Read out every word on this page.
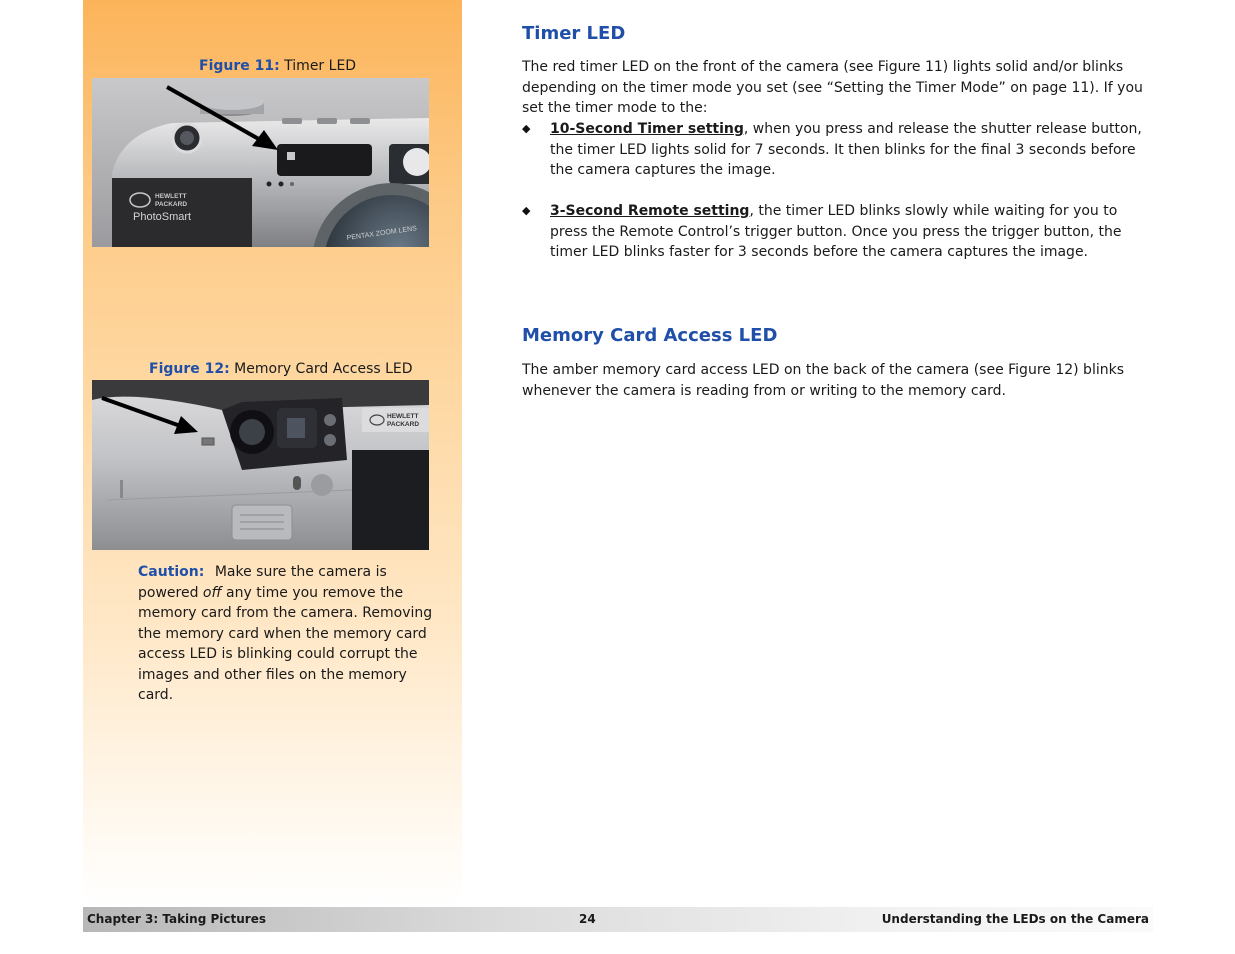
Figure 11: Timer LED
HEWLETT
PACKARD
PhotoSmart
PENTAX ZOOM LENS
Figure 12: Memory Card Access LED
HEWLETT
PACKARD
Caution: Make sure the camera is powered off any time you remove the memory card from the camera. Removing the memory card when the memory card access LED is blinking could corrupt the images and other files on the memory card.
Timer LED

The red timer LED on the front of the camera (see Figure 11) lights solid and/or blinks depending on the timer mode you set (see “Setting the Timer Mode” on page 11). If you set the timer mode to the:

◆ 10-Second Timer setting, when you press and release the shutter release button, the timer LED lights solid for 7 seconds. It then blinks for the final 3 seconds before the camera captures the image.

◆ 3-Second Remote setting, the timer LED blinks slowly while waiting for you to press the Remote Control’s trigger button. Once you press the trigger button, the timer LED blinks faster for 3 seconds before the camera captures the image.

Memory Card Access LED

The amber memory card access LED on the back of the camera (see Figure 12) blinks whenever the camera is reading from or writing to the memory card.

Chapter 3: Taking Pictures	24	Understanding the LEDs on the Camera
